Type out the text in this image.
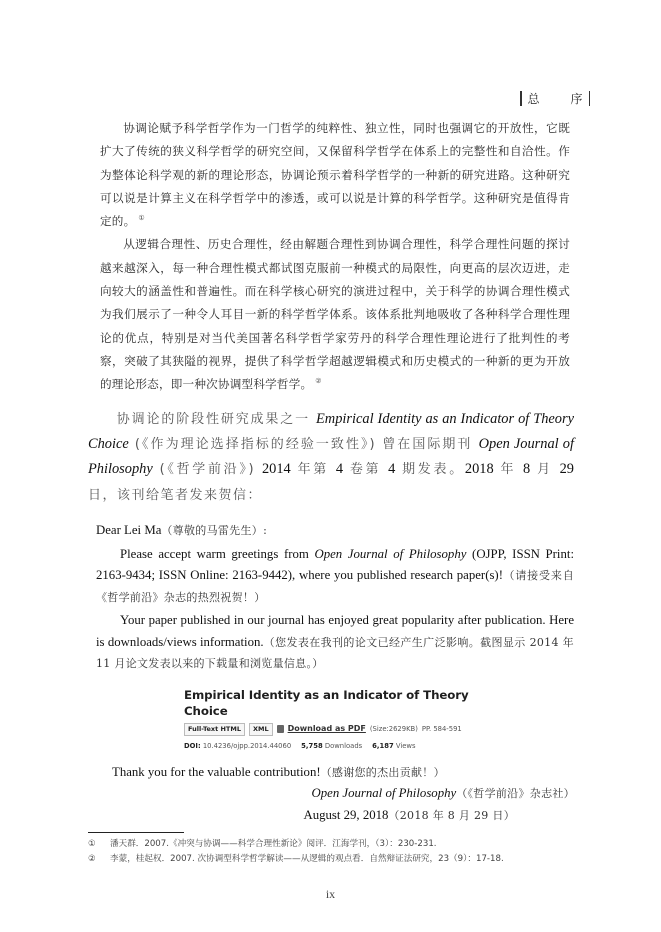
总	序
协调论赋予科学哲学作为一门哲学的纯粹性、独立性，同时也强调它的开放性，它既扩大了传统的狭义科学哲学的研究空间，又保留科学哲学在体系上的完整性和自洽性。作为整体论科学观的新的理论形态，协调论预示着科学哲学的一种新的研究进路。这种研究可以说是计算主义在科学哲学中的渗透，或可以说是计算的科学哲学。这种研究是值得肯定的。 ①
从逻辑合理性、历史合理性，经由解题合理性到协调合理性，科学合理性问题的探讨越来越深入，每一种合理性模式都试图克服前一种模式的局限性，向更高的层次迈进，走向较大的涵盖性和普遍性。而在科学核心研究的演进过程中，关于科学的协调合理性模式为我们展示了一种令人耳目一新的科学哲学体系。该体系批判地吸收了各种科学合理性理论的优点，特别是对当代美国著名科学哲学家劳丹的科学合理性理论进行了批判性的考察，突破了其狭隘的视界，提供了科学哲学超越逻辑模式和历史模式的一种新的更为开放的理论形态，即一种次协调型科学哲学。 ②
协调论的阶段性研究成果之一 Empirical Identity as an Indicator of Theory Choice (《作为理论选择指标的经验一致性》) 曾在国际期刊 Open Journal of Philosophy (《哲学前沿》) 2014 年第 4 卷第 4 期发表。2018 年 8 月 29 日，该刊给笔者发来贺信：
Dear Lei Ma（尊敬的马雷先生）:
Please accept warm greetings from Open Journal of Philosophy (OJPP, ISSN Print: 2163-9434; ISSN Online: 2163-9442), where you published research paper(s)!（请接受来自《哲学前沿》杂志的热烈祝贺！）
Your paper published in our journal has enjoyed great popularity after publication. Here is downloads/views information.（您发表在我刊的论文已经产生广泛影响。截图显示 2014 年 11 月论文发表以来的下载量和浏览量信息。）
Empirical Identity as an Indicator of Theory Choice
Full-Text HTML	XML	Download as PDF (Size:2629KB) PP. 584-591
DOI: 10.4236/ojpp.2014.44060 5,758 Downloads 6,187 Views
Thank you for the valuable contribution!（感谢您的杰出贡献！）
Open Journal of Philosophy（《哲学前沿》杂志社）
August 29, 2018（2018 年 8 月 29 日）
① 潘天群．2007.《冲突与协调——科学合理性新论》阅评．江海学刊，（3）：230-231.
② 李蒙，桂起权．2007. 次协调型科学哲学解读——从逻辑的观点看．自然辩证法研究，23（9）：17-18.
ix
